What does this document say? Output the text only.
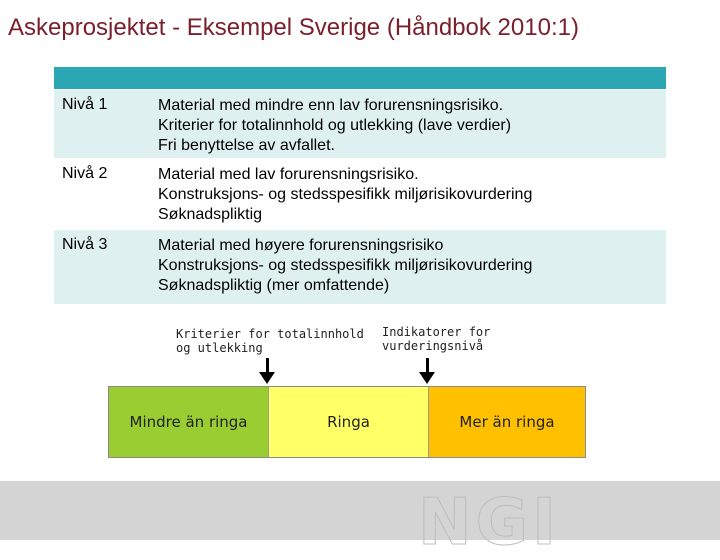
Askeprosjektet - Eksempel Sverige (Håndbok 2010:1)
Nivå 1	Material med mindre enn lav forurensningsrisiko.
Kriterier for totalinnhold og utlekking (lave verdier)
Fri benyttelse av avfallet.
Nivå 2	Material med lav forurensningsrisiko.
Konstruksjons- og stedsspesifikk miljørisikovurdering
Søknadspliktig
Nivå 3	Material med høyere forurensningsrisiko
Konstruksjons- og stedsspesifikk miljørisikovurdering
Søknadspliktig (mer omfattende)
Kriterier for totalinnhold
og utlekking
Indikatorer for
vurderingsnivå
Mindre än ringa	Ringa	Mer än ringa
NGI
